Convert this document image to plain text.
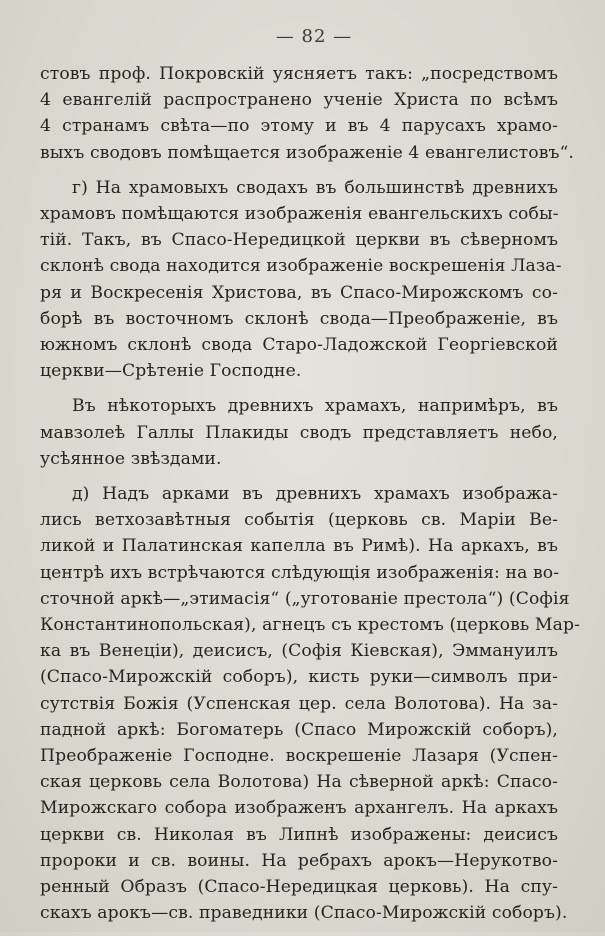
— 82 —
стовъ проф. Покровскій уясняетъ такъ: „посредствомъ
4 евангелій распространено ученіе Христа по всѣмъ
4 странамъ свѣта—по этому и въ 4 парусахъ храмо-
выхъ сводовъ помѣщается изображеніе 4 евангелистовъ“.
г) На храмовыхъ сводахъ въ большинствѣ древнихъ
храмовъ помѣщаются изображенія евангельскихъ собы-
тій. Такъ, въ Спасо-Нередицкой церкви въ сѣверномъ
склонѣ свода находится изображеніе воскрешенія Лаза-
ря и Воскресенія Христова, въ Спасо-Мирожскомъ со-
борѣ въ восточномъ склонѣ свода—Преображеніе, въ
южномъ склонѣ свода Старо-Ладожской Георгіевской
церкви—Срѣтеніе Господне.
Въ нѣкоторыхъ древнихъ храмахъ, напримѣръ, въ
мавзолеѣ Галлы Плакиды сводъ представляетъ небо,
усѣянное звѣздами.
д) Надъ арками въ древнихъ храмахъ изобража-
лись ветхозавѣтныя событія (церковь св. Маріи Ве-
ликой и Палатинская капелла въ Римѣ). На аркахъ, въ
центрѣ ихъ встрѣчаются слѣдующія изображенія: на во-
сточной аркѣ—„этимасія“ („уготованіе престола“) (Софія
Константинопольская), агнецъ съ крестомъ (церковь Мар-
ка въ Венеціи), деисисъ, (Софія Кіевская), Эммануилъ
(Спасо-Мирожскій соборъ), кисть руки—символъ при-
сутствія Божія (Успенская цер. села Волотова). На за-
падной аркѣ: Богоматерь (Спасо Мирожскій соборъ),
Преображеніе Господне. воскрешеніе Лазаря (Успен-
ская церковь села Волотова) На сѣверной аркѣ: Спасо-
Мирожскаго собора изображенъ архангелъ. На аркахъ
церкви св. Николая въ Липнѣ изображены: деисисъ
пророки и св. воины. На ребрахъ арокъ—Нерукотво-
ренный Образъ (Спасо-Нередицкая церковь). На спу-
скахъ арокъ—св. праведники (Спасо-Мирожскій соборъ).
